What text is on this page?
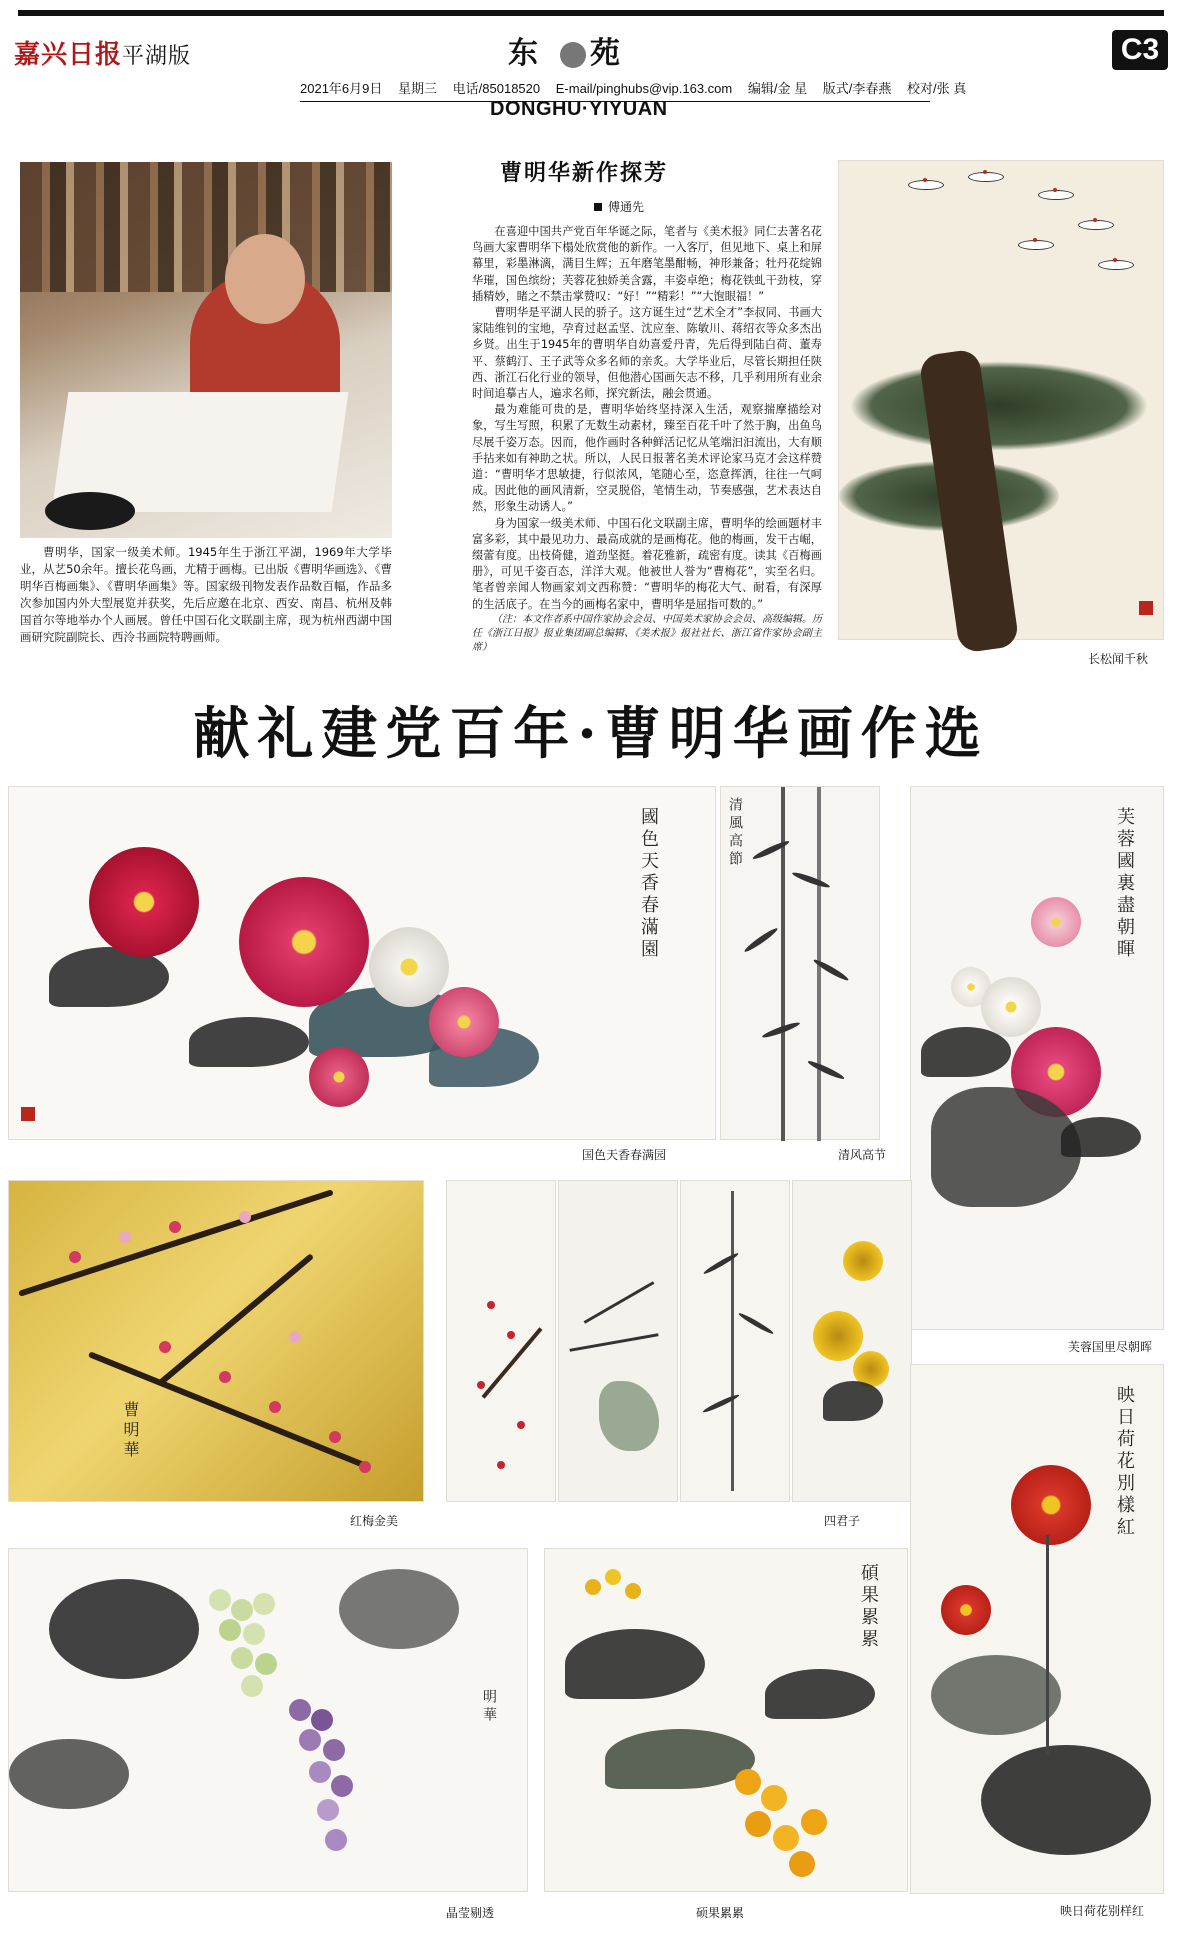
嘉兴日报平湖版	东 苑	C3
2021年6月9日 星期三 电话/85018520 E-mail/pinghubs@vip.163.com 编辑/金 星 版式/李春燕 校对/张 真
DONGHU·YIYUAN
曹明华，国家一级美术师。1945年生于浙江平湖，1969年大学毕业，从艺50余年。擅长花鸟画，尤精于画梅。已出版《曹明华画选》、《曹明华百梅画集》、《曹明华画集》等。国家级刊物发表作品数百幅，作品多次参加国内外大型展览并获奖，先后应邀在北京、西安、南昌、杭州及韩国首尔等地举办个人画展。曾任中国石化文联副主席，现为杭州西湖中国画研究院副院长、西泠书画院特聘画师。
曹明华新作探芳
傅通先

在喜迎中国共产党百年华诞之际，笔者与《美术报》同仁去著名花鸟画大家曹明华下榻处欣赏他的新作。一入客厅，但见地下、桌上和屏幕里，彩墨淋漓，满目生辉；五年磨笔墨酣畅，神形兼备；牡丹花绽锦华璀，国色缤纷；芙蓉花独娇美含露，丰姿卓绝；梅花铁虬干劲枝，穿插精妙，睹之不禁击掌赞叹：“好！”“精彩！”“大饱眼福！”

曹明华是平湖人民的骄子。这方诞生过“艺术全才”李叔同、书画大家陆维钊的宝地，孕育过赵孟坚、沈应奎、陈敏川、蒋绍衣等众多杰出乡贤。出生于1945年的曹明华自幼喜爱丹青，先后得到陆白荷、董寿平、蔡鹤汀、王子武等众多名师的亲炙。大学毕业后，尽管长期担任陕西、浙江石化行业的领导，但他潜心国画矢志不移，几乎利用所有业余时间追摹古人，遍求名师，探究新法，融会贯通。

最为难能可贵的是，曹明华始终坚持深入生活，观察揣摩描绘对象，写生写照，积累了无数生动素材，臻至百花千叶了然于胸，出鱼鸟尽展千姿万态。因而，他作画时各种鲜活记忆从笔端汩汩流出，大有顺手拈来如有神助之状。所以，人民日报著名美术评论家马克才会这样赞道：“曹明华才思敏捷，行似浓风，笔随心至，恣意挥洒，往往一气呵成。因此他的画风清新，空灵脱俗，笔情生动，节奏感强，艺术表达自然，形象生动诱人。”

身为国家一级美术师、中国石化文联副主席，曹明华的绘画题材丰富多彩，其中最见功力、最高成就的是画梅花。他的梅画，发干古崛，缀蕾有度。出枝倚健，道劲坚挺。着花雅新，疏密有度。读其《百梅画册》，可见千姿百态，洋洋大观。他被世人誉为“曹梅花”，实至名归。笔者曾亲闻人物画家刘文西称赞：“曹明华的梅花大气、耐看，有深厚的生活底子。在当今的画梅名家中，曹明华是屈指可数的。”

（注：本文作者系中国作家协会会员、中国美术家协会会员、高级编辑。历任《浙江日报》报业集团副总编辑、《美术报》报社社长、浙江省作家协会副主席）

长松闻千秋
献礼建党百年·曹明华画作选
國色天香春滿園
国色天香春满园
清風高節
清风高节
芙蓉國裏盡朝暉
芙蓉国里尽朝晖
曹明華
红梅金美	四君子	映日荷花別樣紅
映日荷花别样红
明華
晶莹剔透
碩果累累
硕果累累
